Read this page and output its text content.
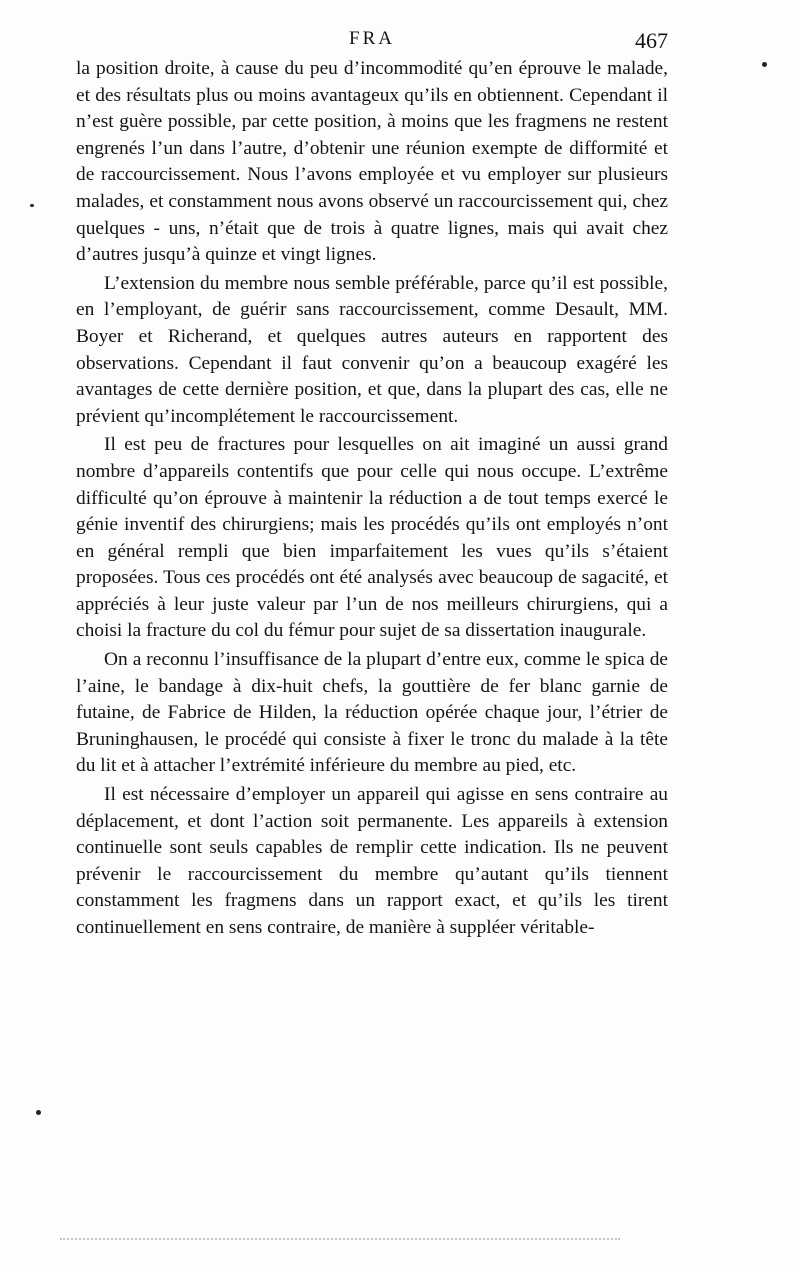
FRA	467

la position droite, à cause du peu d’incommodité qu’en éprouve le malade, et des résultats plus ou moins avantageux qu’ils en obtiennent. Cependant il n’est guère possible, par cette position, à moins que les fragmens ne restent engrenés l’un dans l’autre, d’obtenir une réunion exempte de difformité et de raccourcissement. Nous l’avons employée et vu employer sur plusieurs malades, et constamment nous avons observé un raccourcissement qui, chez quelques - uns, n’était que de trois à quatre lignes, mais qui avait chez d’autres jusqu’à quinze et vingt lignes.

L’extension du membre nous semble préférable, parce qu’il est possible, en l’employant, de guérir sans raccourcissement, comme Desault, MM. Boyer et Richerand, et quelques autres auteurs en rapportent des observations. Cependant il faut convenir qu’on a beaucoup exagéré les avantages de cette dernière position, et que, dans la plupart des cas, elle ne prévient qu’incomplétement le raccourcissement.

Il est peu de fractures pour lesquelles on ait imaginé un aussi grand nombre d’appareils contentifs que pour celle qui nous occupe. L’extrême difficulté qu’on éprouve à maintenir la réduction a de tout temps exercé le génie inventif des chirurgiens; mais les procédés qu’ils ont employés n’ont en général rempli que bien imparfaitement les vues qu’ils s’étaient proposées. Tous ces procédés ont été analysés avec beaucoup de sagacité, et appréciés à leur juste valeur par l’un de nos meilleurs chirurgiens, qui a choisi la fracture du col du fémur pour sujet de sa dissertation inaugurale.

On a reconnu l’insuffisance de la plupart d’entre eux, comme le spica de l’aine, le bandage à dix-huit chefs, la gouttière de fer blanc garnie de futaine, de Fabrice de Hilden, la réduction opérée chaque jour, l’étrier de Bruninghausen, le procédé qui consiste à fixer le tronc du malade à la tête du lit et à attacher l’extrémité inférieure du membre au pied, etc.

Il est nécessaire d’employer un appareil qui agisse en sens contraire au déplacement, et dont l’action soit permanente. Les appareils à extension continuelle sont seuls capables de remplir cette indication. Ils ne peuvent prévenir le raccourcissement du membre qu’autant qu’ils tiennent constamment les fragmens dans un rapport exact, et qu’ils les tirent continuellement en sens contraire, de manière à suppléer véritable-
